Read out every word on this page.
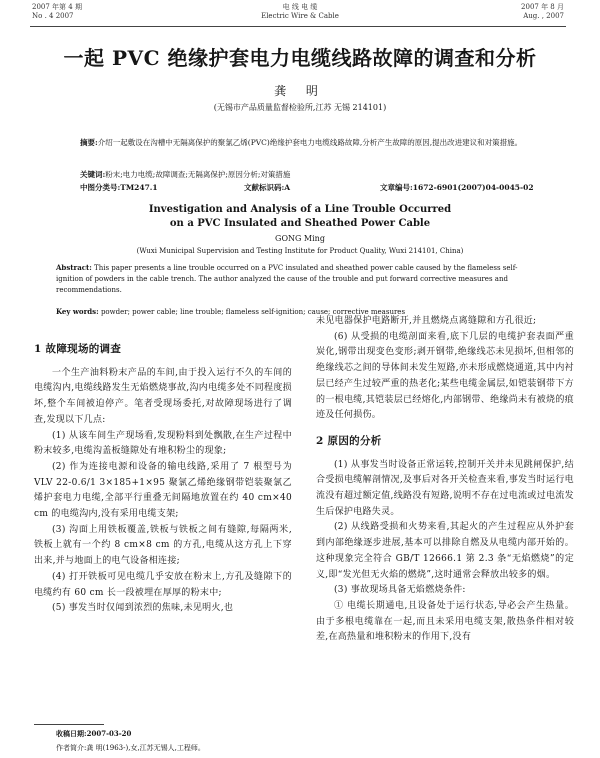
2007 年第 4 期
No . 4 2007
电 线 电 缆
Electric Wire & Cable
2007 年 8 月
Aug. , 2007
一起 PVC 绝缘护套电力电缆线路故障的调查和分析
龚 明
(无锡市产品质量监督检验所,江苏 无锡 214101)
摘要:介绍一起敷设在沟槽中无隔离保护的聚氯乙烯(PVC)绝缘护套电力电缆线路故障,分析产生故障的原因,提出改进建议和对策措施。
关键词:粉末;电力电缆;故障调查;无隔离保护;原因分析;对策措施
中图分类号:TM247.1	文献标识码:A	文章编号:1672-6901(2007)04-0045-02
Investigation and Analysis of a Line Trouble Occurred
on a PVC Insulated and Sheathed Power Cable
GONG Ming
(Wuxi Municipal Supervision and Testing Institute for Product Quality, Wuxi 214101, China)
Abstract: This paper presents a line trouble occurred on a PVC insulated and sheathed power cable caused by the flameless self-ignition of powders in the cable trench. The author analyzed the cause of the trouble and put forward corrective measures and recommendations.
Key words: powder; power cable; line trouble; flameless self-ignition; cause; corrective measures
1 故障现场的调查

一个生产油料粉末产品的车间,由于投入运行不久的车间的电缆沟内,电缆线路发生无焰燃烧事故,沟内电缆多处不同程度损坏,整个车间被迫停产。笔者受现场委托,对故障现场进行了调查,发现以下几点:

(1) 从该车间生产现场看,发现粉料到处飘散,在生产过程中粉末较多,电缆沟盖板缝隙处有堆积粉尘的现象;

(2) 作为连接电源和设备的输电线路,采用了 7 根型号为 VLV 22-0.6/1 3×185+1×95 聚氯乙烯绝缘钢带铠装聚氯乙烯护套电力电缆,全部平行重叠无间隔地放置在约 40 cm×40 cm 的电缆沟内,没有采用电缆支架;

(3) 沟面上用铁板覆盖,铁板与铁板之间有缝隙,每隔两米,铁板上就有一个约 8 cm×8 cm 的方孔,电缆从这方孔上下穿出来,并与地面上的电气设备相连接;

(4) 打开铁板可见电缆几乎安放在粉末上,方孔及缝隙下的电缆约有 60 cm 长一段被埋在厚厚的粉末中;

(5) 事发当时仅闻到浓烈的焦味,未见明火,也

未见电器保护电路断开,并且燃烧点离缝隙和方孔很近;

(6) 从受损的电缆剖面来看,底下几层的电缆护套表面严重炭化,钢带出现变色变形;剥开钢带,绝缘线芯未见损坏,但相邻的绝缘线芯之间的导体间未发生短路,亦未形成燃烧通道,其中内衬层已经产生过较严重的热老化;某些电缆金属层,如铠装钢带下方的一根电缆,其铠装层已经熔化,内部钢带、绝缘尚未有被烧的痕迹及任何损伤。

2 原因的分析

(1) 从事发当时设备正常运转,控制开关并未见跳闸保护,结合受损电缆解剖情况,及事后对各开关检查来看,事发当时运行电流没有超过额定值,线路没有短路,说明不存在过电流或过电流发生后保护电路失灵。

(2) 从线路受损和火势来看,其起火的产生过程应从外护套到内部绝缘逐步进展,基本可以排除自燃及从电缆内部开始的。这种现象完全符合 GB/T 12666.1 第 2.3 条“无焰燃烧”的定义,即“发光但无火焰的燃烧”,这时通常会释放出较多的烟。

(3) 事故现场具备无焰燃烧条件:

① 电缆长期通电,且设备处于运行状态,导必会产生热量。由于多根电缆靠在一起,而且未采用电缆支架,散热条件相对较差,在高热量和堆积粉末的作用下,没有

收稿日期:2007-03-20
作者简介:龚 明(1963-),女,江苏无锡人,工程师。
